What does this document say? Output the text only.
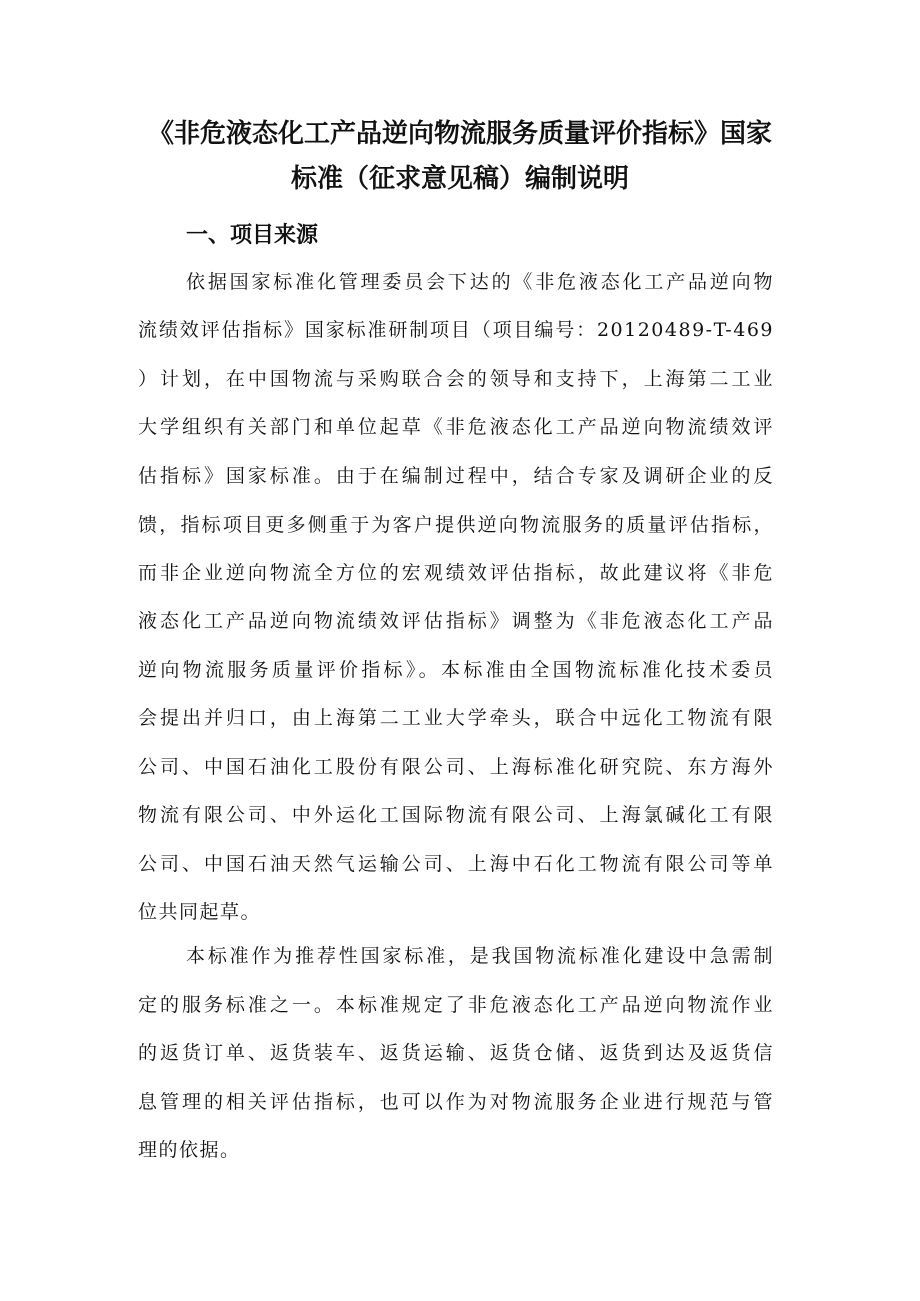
《非危液态化工产品逆向物流服务质量评价指标》国家
标准（征求意见稿）编制说明
一、项目来源
依据国家标准化管理委员会下达的《非危液态化工产品逆向物
流绩效评估指标》国家标准研制项目（项目编号：20120489-T-469
）计划，在中国物流与采购联合会的领导和支持下，上海第二工业
大学组织有关部门和单位起草《非危液态化工产品逆向物流绩效评
估指标》国家标准。由于在编制过程中，结合专家及调研企业的反
馈，指标项目更多侧重于为客户提供逆向物流服务的质量评估指标，
而非企业逆向物流全方位的宏观绩效评估指标，故此建议将《非危
液态化工产品逆向物流绩效评估指标》调整为《非危液态化工产品
逆向物流服务质量评价指标》。本标准由全国物流标准化技术委员
会提出并归口，由上海第二工业大学牵头，联合中远化工物流有限
公司、中国石油化工股份有限公司、上海标准化研究院、东方海外
物流有限公司、中外运化工国际物流有限公司、上海氯碱化工有限
公司、中国石油天然气运输公司、上海中石化工物流有限公司等单
位共同起草。
本标准作为推荐性国家标准，是我国物流标准化建设中急需制
定的服务标准之一。本标准规定了非危液态化工产品逆向物流作业
的返货订单、返货装车、返货运输、返货仓储、返货到达及返货信
息管理的相关评估指标，也可以作为对物流服务企业进行规范与管
理的依据。
